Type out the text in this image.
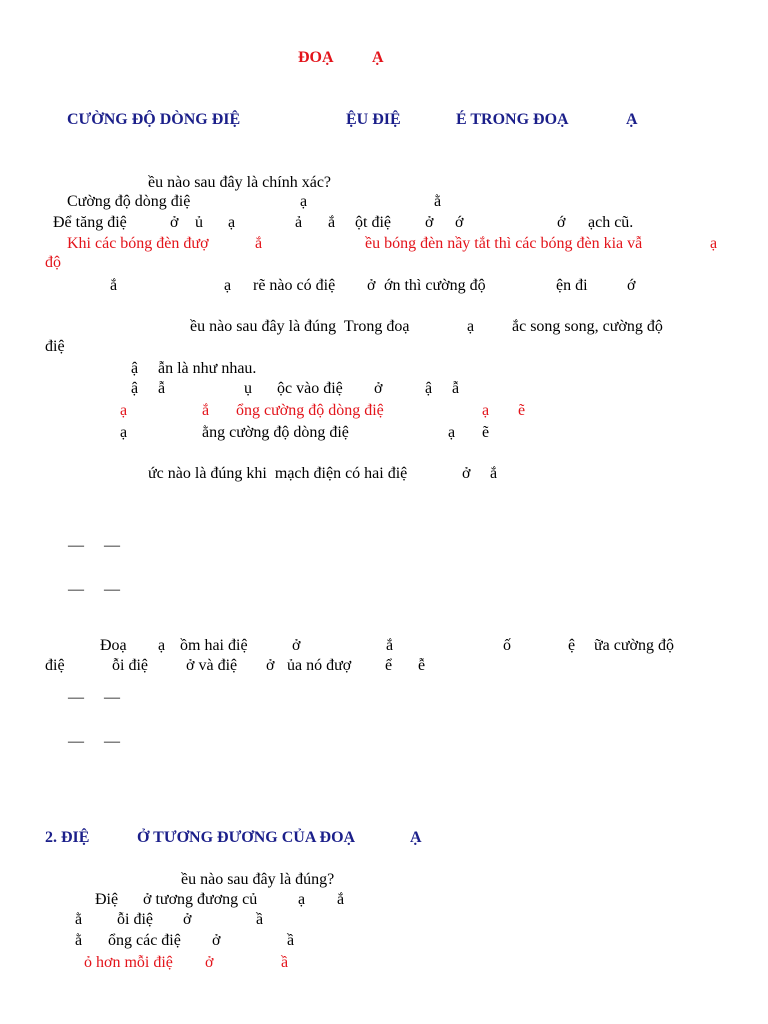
ĐOẠ Ạ
CƯỜNG ĐỘ DÒNG ĐIỆ	ỆU ĐIỆ	É TRONG ĐOẠ	Ạ
ều nào sau đây là chính xác?
Cường độ dòng điệ	ạ	ằ
Để tăng điệ	ở ủ ạ	ả ắ ột điệ ở ớ	ớ ạch cũ.
Khi các bóng đèn đượ	ắ	ều bóng đèn nầy tắt thì các bóng đèn kia vẫ	ạ
độ
ắ	ạ rẽ nào có điệ ở ớn thì cường độ	ện đi ớ
ều nào sau đây là đúng  Trong đoạ	ạ ắc song song, cường độ
điệ
ậ ẫn là như nhau.
ậ ẫ	ụ ộc vào điệ ở	ậ ẫ
ạ	ắ ổng cường độ dòng điệ	ạ ẽ
ạ	ằng cường độ dòng điệ	ạ ẽ
ức nào là đúng khi  mạch điện có hai điệ	ở ắ
— —
— —
Đoạ ạ ồm hai điệ	ở	ắ	ố	ệ ữa cường độ
điệ	ỗi điệ ở và điệ ở ủa nó đượ ể ễ
— —
— —
2. ĐIỆ	Ở TƯƠNG ĐƯƠNG CỦA ĐOẠ	Ạ
ều nào sau đây là đúng?
Điệ ở tương đương củ	ạ ắ
ằ ỗi điệ ở	ầ
ằ ổng các điệ ở	ầ
ỏ hơn mỗi điệ ở	ầ
